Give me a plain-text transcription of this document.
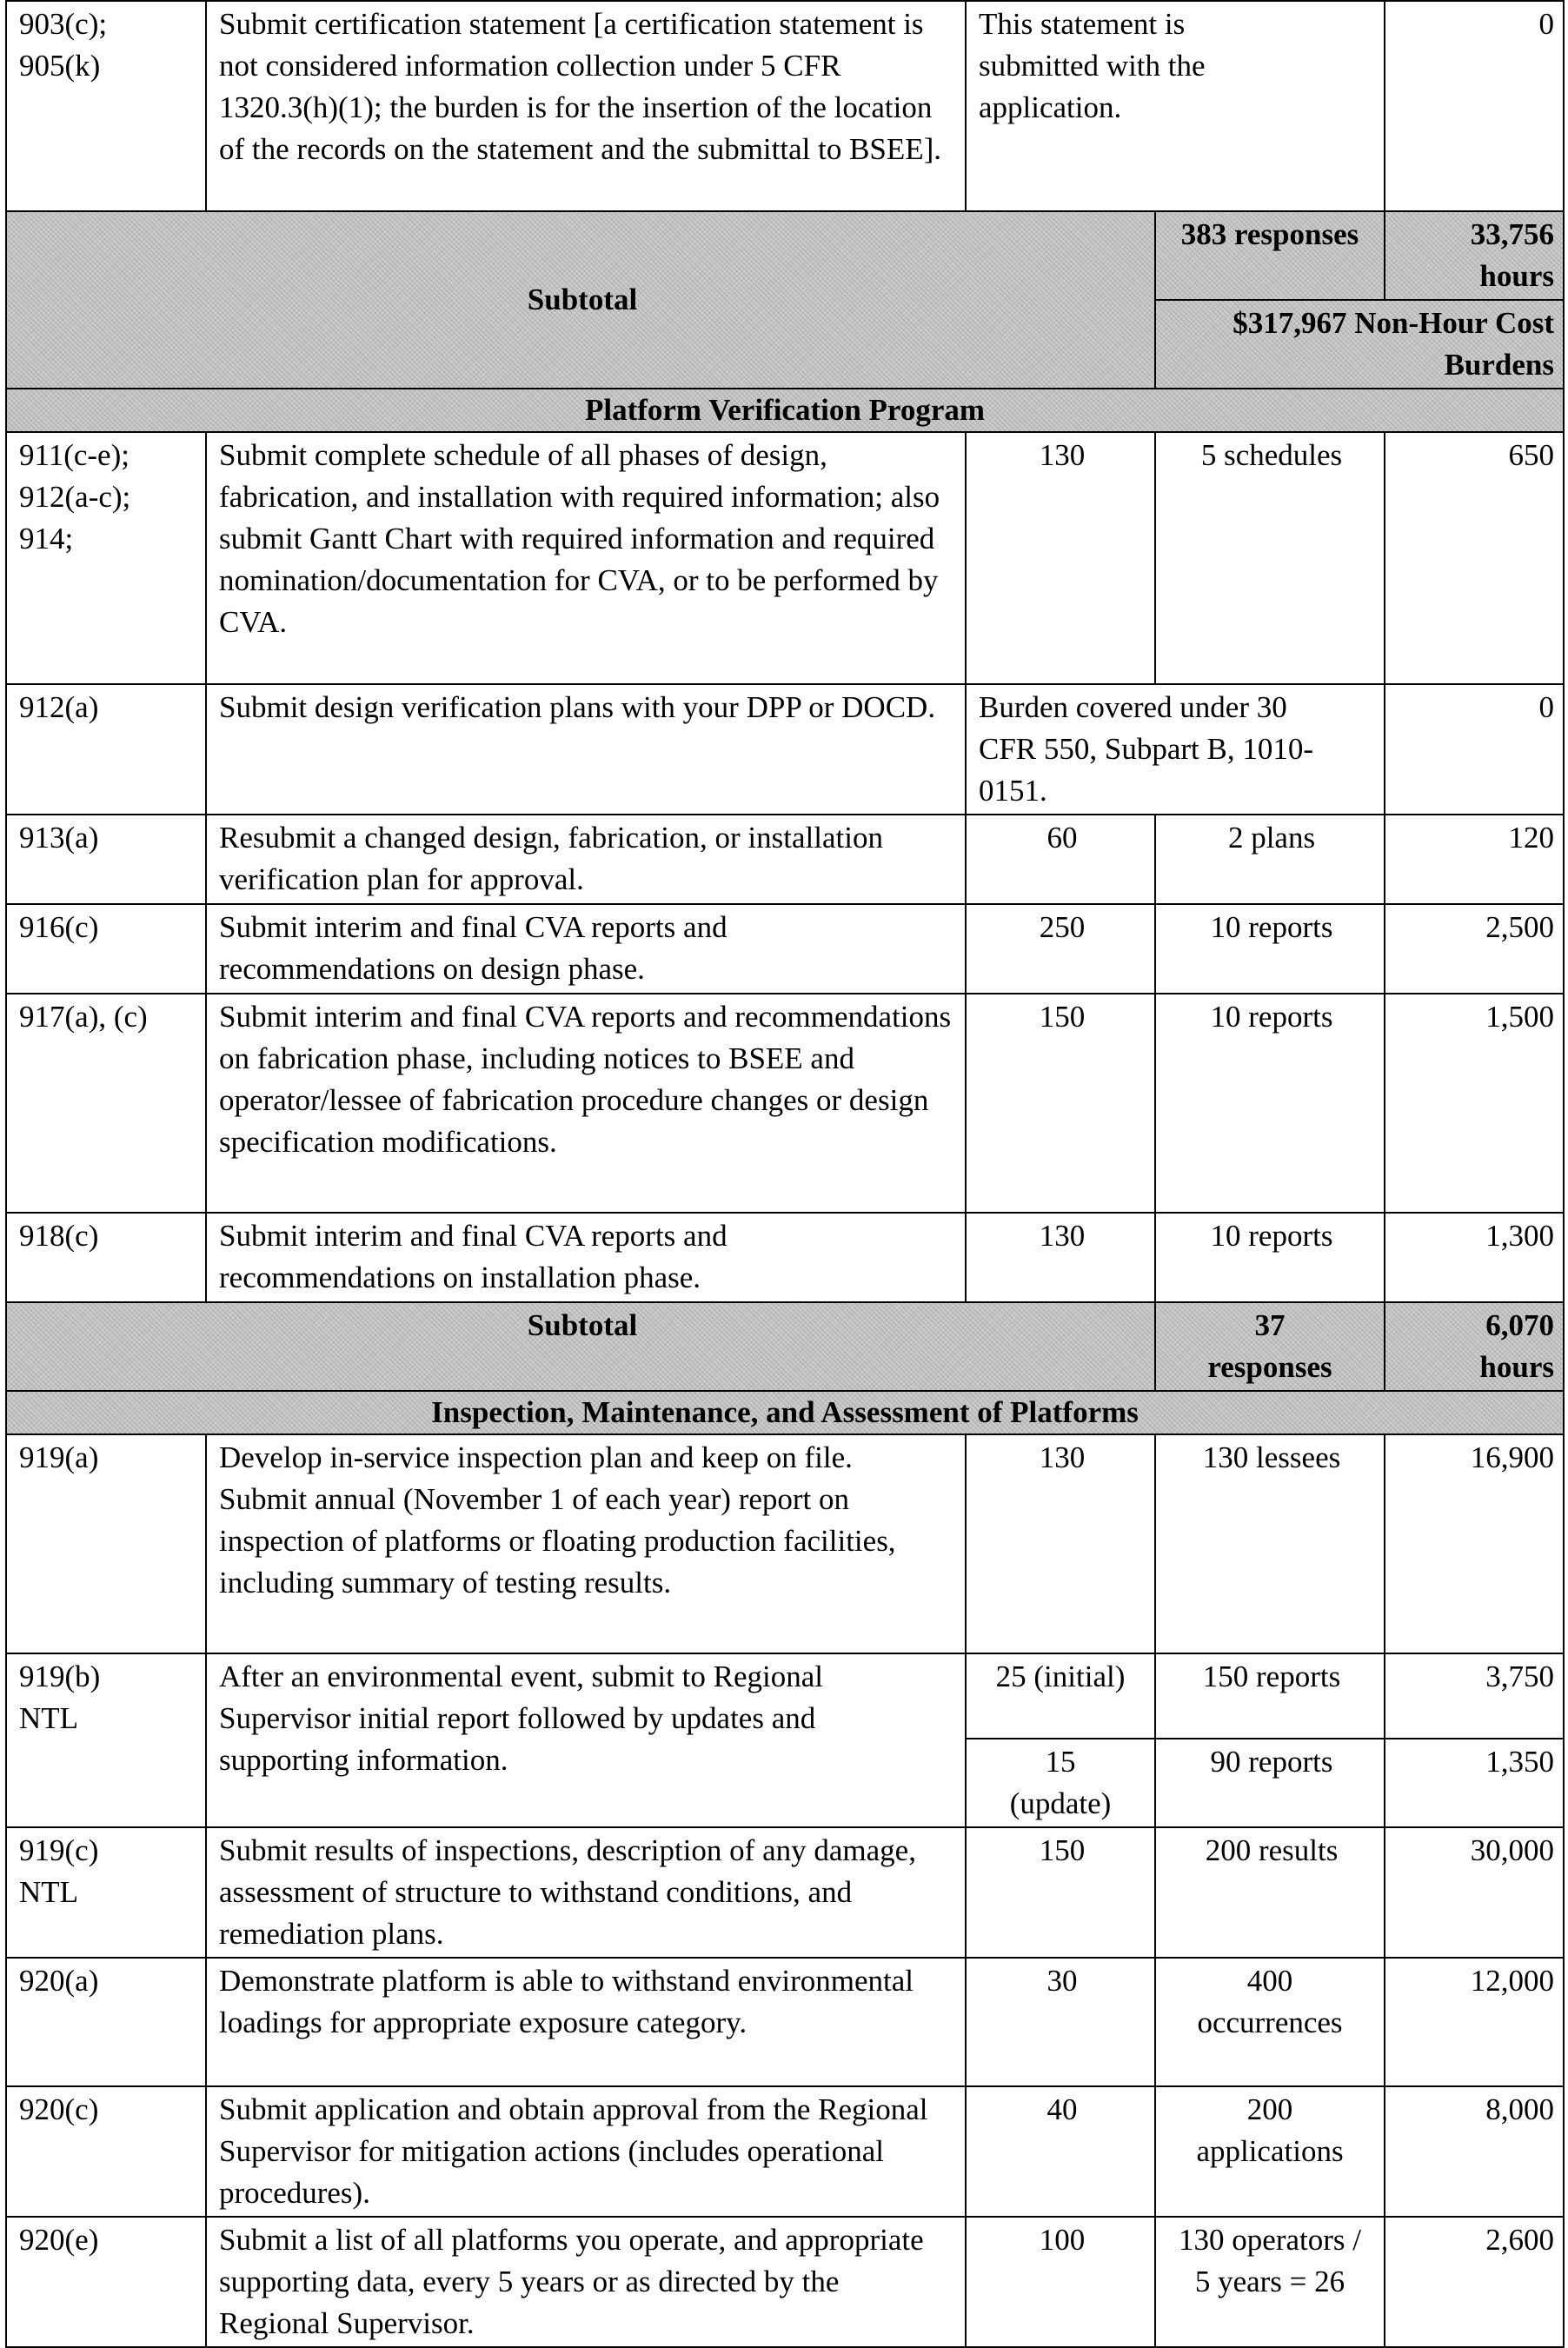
903(c); 905(k)	Submit certification statement [a certification statement is not considered information collection under 5 CFR 1320.3(h)(1); the burden is for the insertion of the location of the records on the statement and the submittal to BSEE].	This statement is submitted with the application.		0
Subtotal			383 responses	33,756 hours
			$317,967 Non-Hour Cost Burdens	
Platform Verification Program				
911(c-e); 912(a-c); 914;	Submit complete schedule of all phases of design, fabrication, and installation with required information; also submit Gantt Chart with required information and required nomination/documentation for CVA, or to be performed by CVA.	130	5 schedules	650
912(a)	Submit design verification plans with your DPP or DOCD.	Burden covered under 30 CFR 550, Subpart B, 1010-0151.		0
913(a)	Resubmit a changed design, fabrication, or installation verification plan for approval.	60	2 plans	120
916(c)	Submit interim and final CVA reports and recommendations on design phase.	250	10 reports	2,500
917(a), (c)	Submit interim and final CVA reports and recommendations on fabrication phase, including notices to BSEE and operator/lessee of fabrication procedure changes or design specification modifications.	150	10 reports	1,500
918(c)	Submit interim and final CVA reports and recommendations on installation phase.	130	10 reports	1,300
Subtotal			37 responses	6,070 hours
Inspection, Maintenance, and Assessment of Platforms				
919(a)	Develop in-service inspection plan and keep on file. Submit annual (November 1 of each year) report on inspection of platforms or floating production facilities, including summary of testing results.	130	130 lessees	16,900
919(b) NTL	After an environmental event, submit to Regional Supervisor initial report followed by updates and supporting information.	25 (initial)	150 reports	3,750
		15 (update)	90 reports	1,350
919(c) NTL	Submit results of inspections, description of any damage, assessment of structure to withstand conditions, and remediation plans.	150	200 results	30,000
920(a)	Demonstrate platform is able to withstand environmental loadings for appropriate exposure category.	30	400 occurrences	12,000
920(c)	Submit application and obtain approval from the Regional Supervisor for mitigation actions (includes operational procedures).	40	200 applications	8,000
920(e)	Submit a list of all platforms you operate, and appropriate supporting data, every 5 years or as directed by the Regional Supervisor.	100	130 operators / 5 years = 26	2,600
